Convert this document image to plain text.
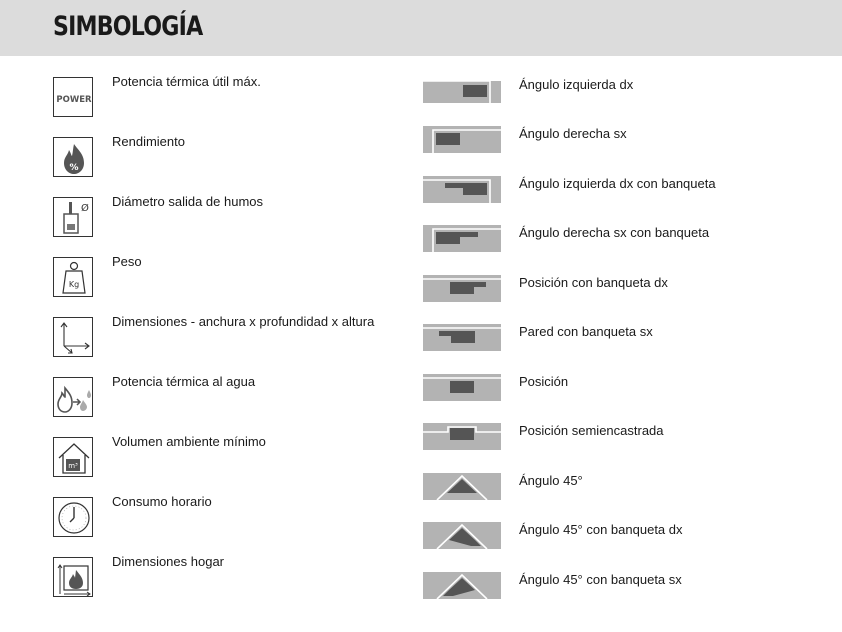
SIMBOLOGÍA
POWER
Potencia térmica útil máx.
%
Rendimiento
Ø Diámetro salida de humos
Kg
Peso
Dimensiones - anchura x profundidad x altura
Potencia térmica al agua
m³
Volumen ambiente mínimo
Consumo horario
Dimensiones hogar
Ángulo izquierda dx
Ángulo derecha sx
Ángulo izquierda dx con banqueta
Ángulo derecha sx con banqueta
Posición con banqueta dx
Pared con banqueta sx
Posición
Posición semiencastrada
Ángulo 45°
Ángulo 45° con banqueta dx
Ángulo 45° con banqueta sx
